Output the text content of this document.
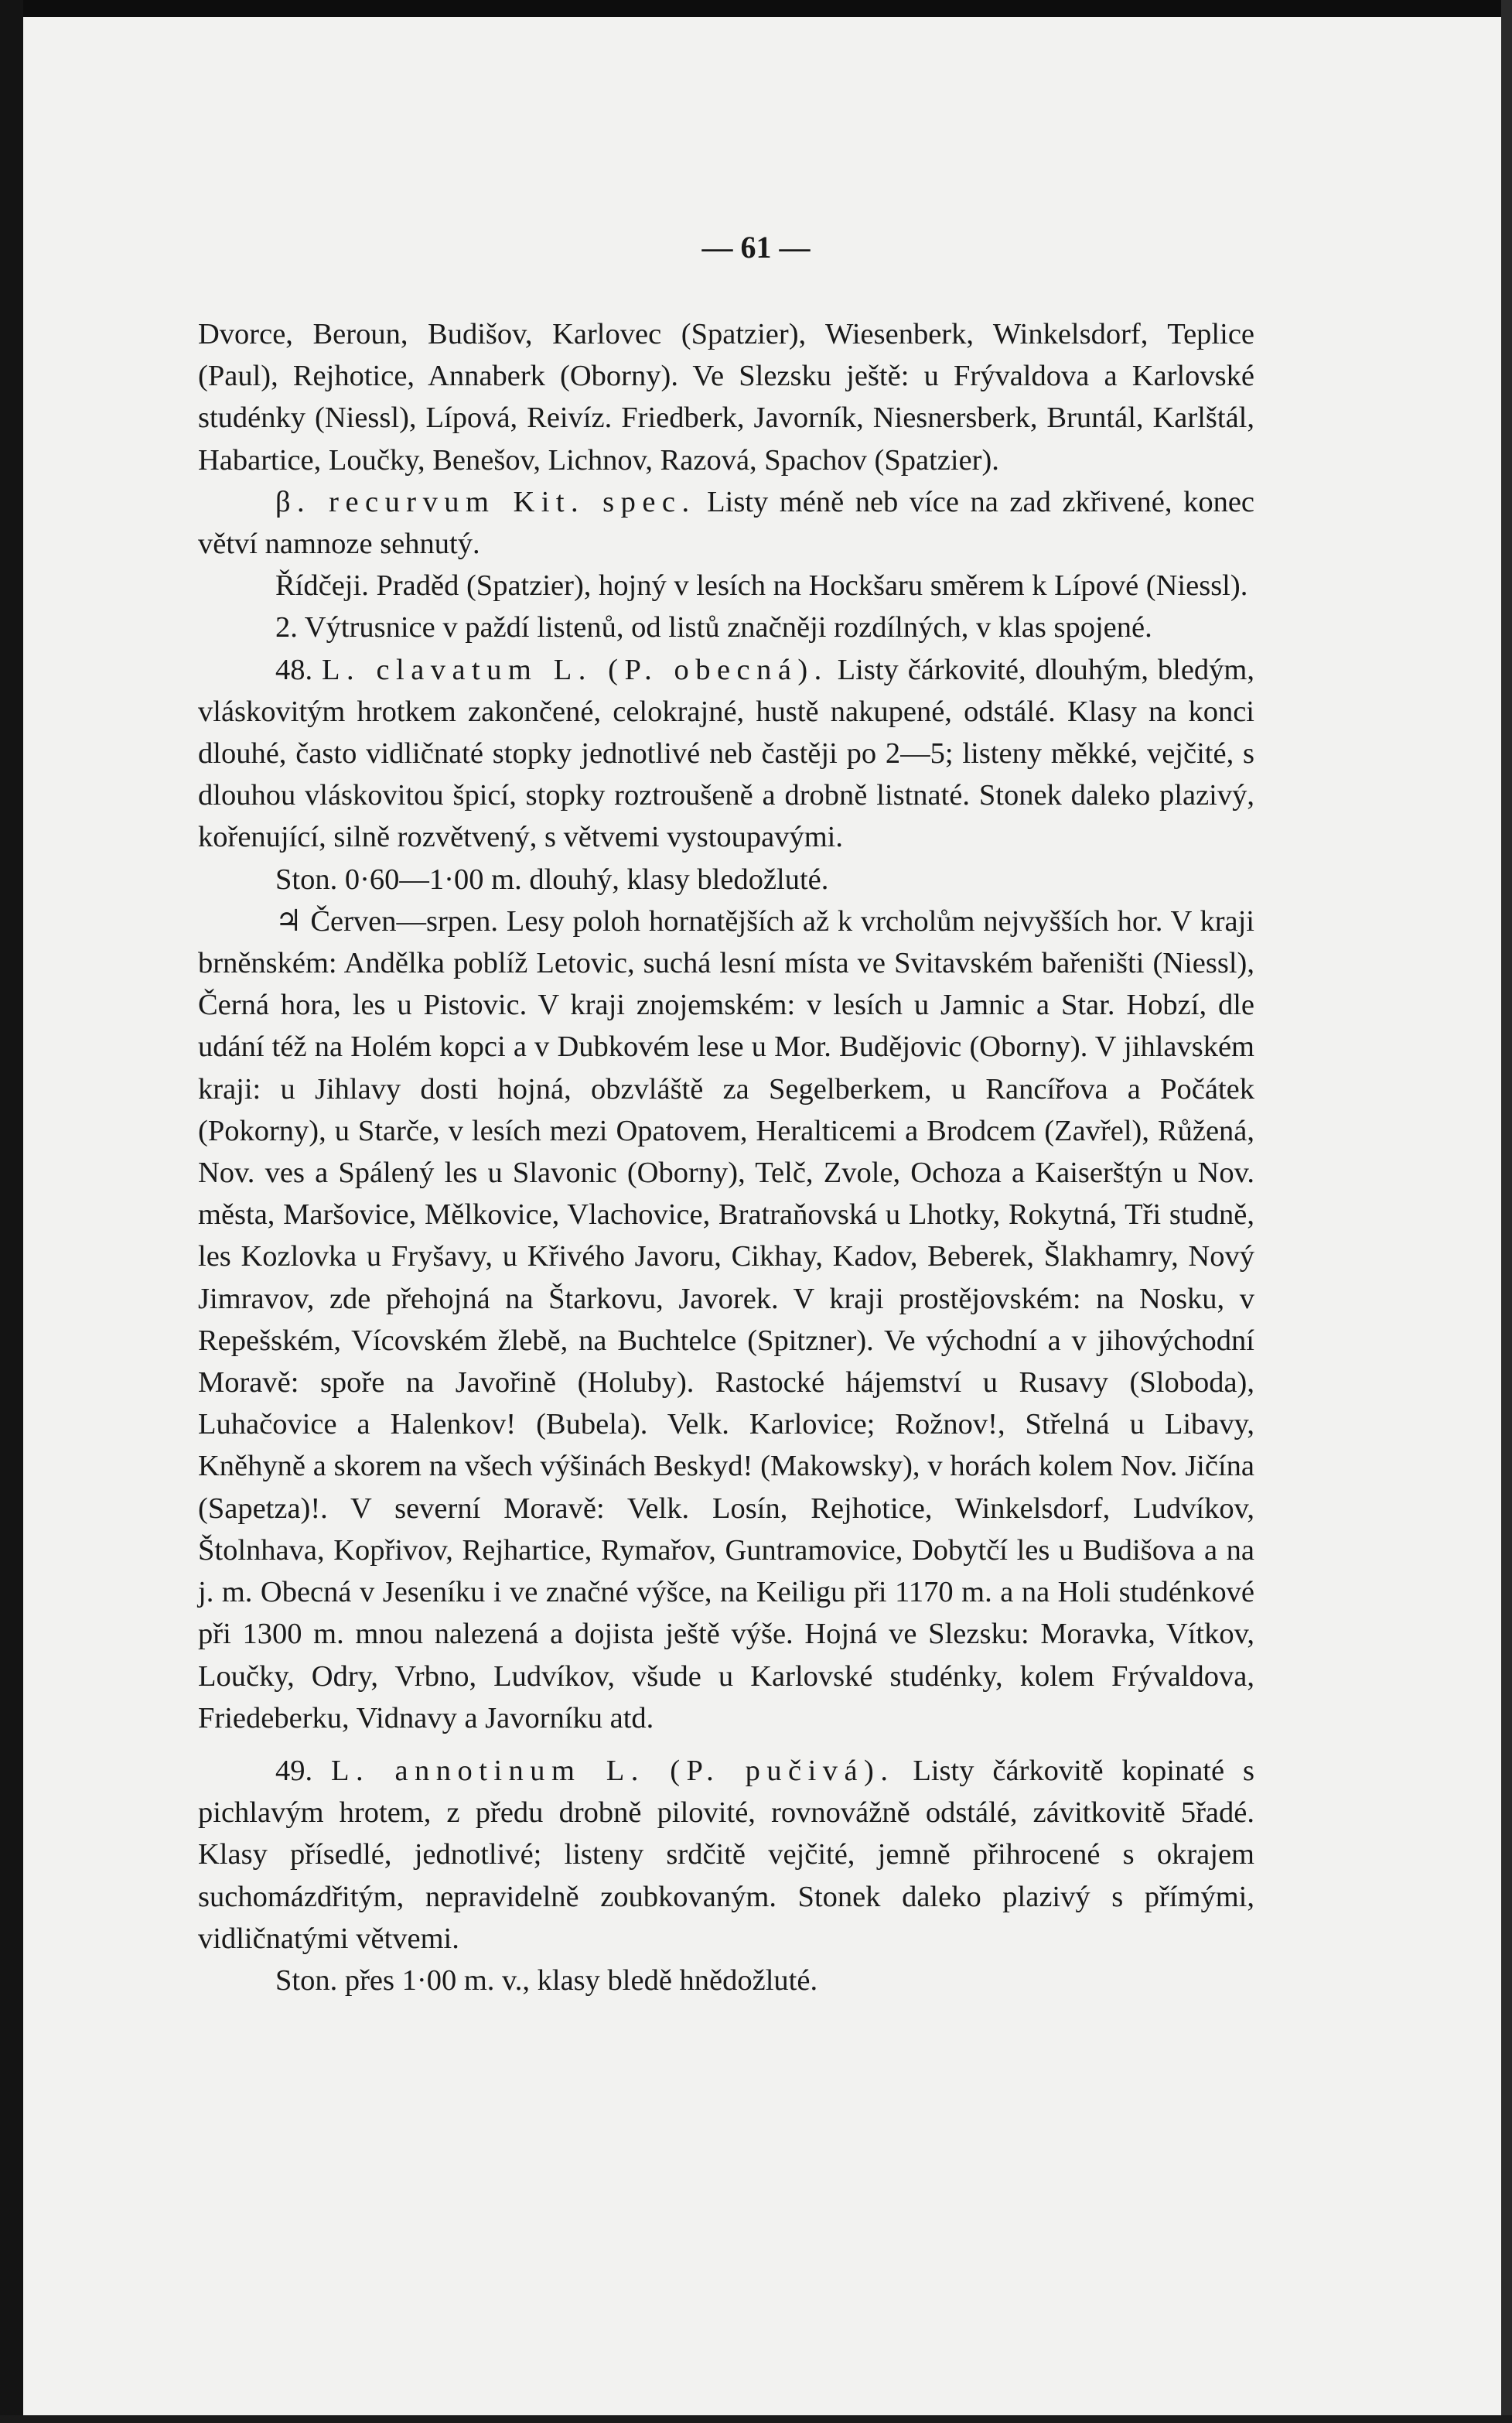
— 61 —

Dvorce, Beroun, Budišov, Karlovec (Spatzier), Wiesenberk, Winkelsdorf, Teplice (Paul), Rejhotice, Annaberk (Oborny). Ve Slezsku ještě: u Frývaldova a Karlovské studénky (Niessl), Lípová, Reivíz. Friedberk, Javorník, Niesnersberk, Bruntál, Karlštál, Habartice, Loučky, Benešov, Lichnov, Razová, Spachov (Spatzier).

β. recurvum Kit. spec. Listy méně neb více na zad zkřivené, konec větví namnoze sehnutý.

Řídčeji. Praděd (Spatzier), hojný v lesích na Hockšaru směrem k Lípové (Niessl).

2. Výtrusnice v paždí listenů, od listů značněji rozdílných, v klas spojené.

48. L. clavatum L. (P. obecná). Listy čárkovité, dlouhým, bledým, vláskovitým hrotkem zakončené, celokrajné, hustě nakupené, odstálé. Klasy na konci dlouhé, často vidličnaté stopky jednotlivé neb častěji po 2—5; listeny měkké, vejčité, s dlouhou vláskovitou špicí, stopky roztroušeně a drobně listnaté. Stonek daleko plazivý, kořenující, silně rozvětvený, s větvemi vystoupavými.

Ston. 0·60—1·00 m. dlouhý, klasy bledožluté.

♃ Červen—srpen. Lesy poloh hornatějších až k vrcholům nejvyšších hor. V kraji brněnském: Andělka poblíž Letovic, suchá lesní místa ve Svitavském bařeništi (Niessl), Černá hora, les u Pistovic. V kraji znojemském: v lesích u Jamnic a Star. Hobzí, dle udání též na Holém kopci a v Dubkovém lese u Mor. Budějovic (Oborny). V jihlavském kraji: u Jihlavy dosti hojná, obzvláště za Segelberkem, u Rancířova a Počátek (Pokorny), u Starče, v lesích mezi Opatovem, Heralticemi a Brodcem (Zavřel), Růžená, Nov. ves a Spálený les u Slavonic (Oborny), Telč, Zvole, Ochoza a Kaiserštýn u Nov. města, Maršovice, Mělkovice, Vlachovice, Bratraňovská u Lhotky, Rokytná, Tři studně, les Kozlovka u Fryšavy, u Křivého Javoru, Cikhay, Kadov, Beberek, Šlakhamry, Nový Jimravov, zde přehojná na Štarkovu, Javorek. V kraji prostějovském: na Nosku, v Repešském, Vícovském žlebě, na Buchtelce (Spitzner). Ve východní a v jihovýchodní Moravě: spoře na Javořině (Holuby). Rastocké hájemství u Rusavy (Sloboda), Luhačovice a Halenkov! (Bubela). Velk. Karlovice; Rožnov!, Střelná u Libavy, Kněhyně a skorem na všech výšinách Beskyd! (Makowsky), v horách kolem Nov. Jičína (Sapetza)!. V severní Moravě: Velk. Losín, Rejhotice, Winkelsdorf, Ludvíkov, Štolnhava, Kopřivov, Rejhartice, Rymařov, Guntramovice, Dobytčí les u Budišova a na j. m. Obecná v Jeseníku i ve značné výšce, na Keiligu při 1170 m. a na Holi studénkové při 1300 m. mnou nalezená a dojista ještě výše. Hojná ve Slezsku: Moravka, Vítkov, Loučky, Odry, Vrbno, Ludvíkov, všude u Karlovské studénky, kolem Frývaldova, Friedeberku, Vidnavy a Javorníku atd.

49. L. annotinum L. (P. pučivá). Listy čárkovitě kopinaté s pichlavým hrotem, z předu drobně pilovité, rovnovážně odstálé, závitkovitě 5řadé. Klasy přísedlé, jednotlivé; listeny srdčitě vejčité, jemně přihrocené s okrajem suchomázdřitým, nepravidelně zoubkovaným. Stonek daleko plazivý s přímými, vidličnatými větvemi.

Ston. přes 1·00 m. v., klasy bledě hnědožluté.
